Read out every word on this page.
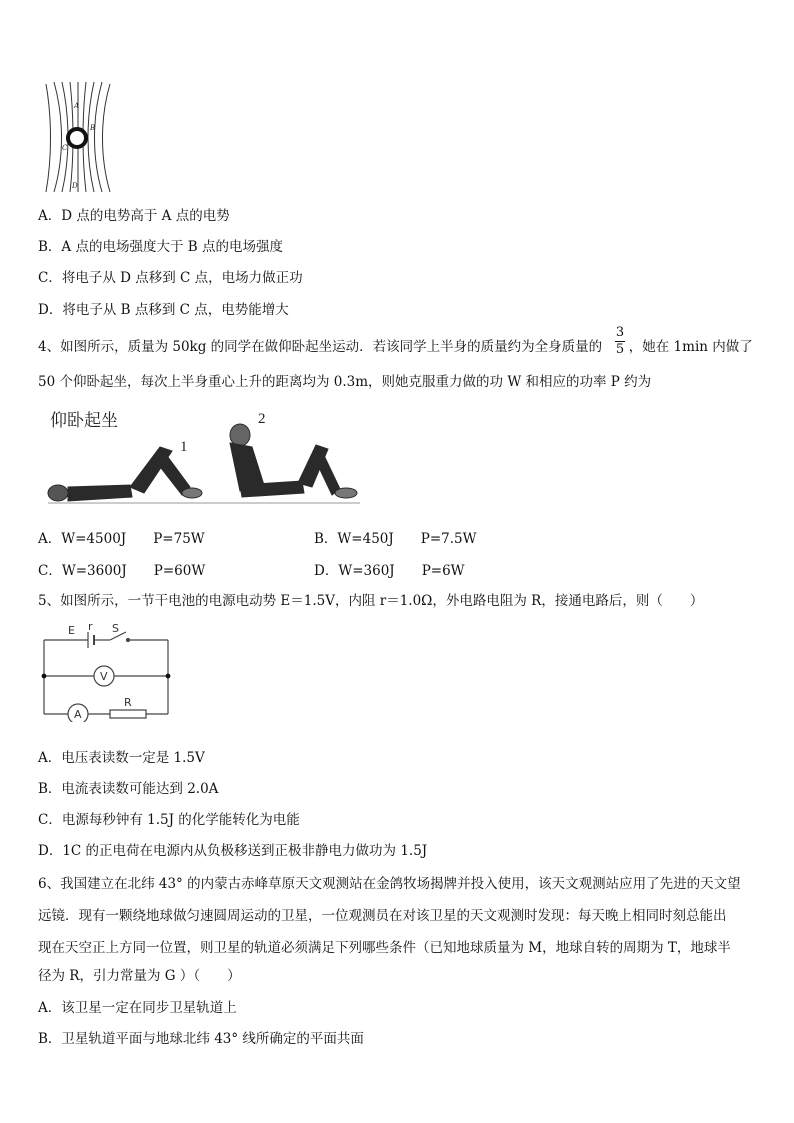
A
B
C
D
A．D 点的电势高于 A 点的电势
B．A 点的电场强度大于 B 点的电场强度
C．将电子从 D 点移到 C 点，电场力做正功
D．将电子从 B 点移到 C 点，电势能增大
4、如图所示，质量为 50kg 的同学在做仰卧起坐运动．若该同学上半身的质量约为全身质量的 ，她在 1min 内做了
3
5
50 个仰卧起坐，每次上半身重心上升的距离均为 0.3m，则她克服重力做的功 W 和相应的功率 P 约为
仰卧起坐
1
2
A．W=4500J　　P=75W	B．W=450J　　P=7.5W
C．W=3600J　　P=60W	D．W=360J　　P=6W
5、如图所示，一节干电池的电源电动势 E＝1.5V，内阻 r＝1.0Ω，外电路电阻为 R，接通电路后，则（　　）
E r S
V
A
R
A．电压表读数一定是 1.5V
B．电流表读数可能达到 2.0A
C．电源每秒钟有 1.5J 的化学能转化为电能
D．1C 的正电荷在电源内从负极移送到正极非静电力做功为 1.5J
6、我国建立在北纬 43° 的内蒙古赤峰草原天文观测站在金鸽牧场揭牌并投入使用，该天文观测站应用了先进的天文望
远镜．现有一颗绕地球做匀速圆周运动的卫星，一位观测员在对该卫星的天文观测时发现：每天晚上相同时刻总能出
现在天空正上方同一位置，则卫星的轨道必须满足下列哪些条件（已知地球质量为 M，地球自转的周期为 T，地球半
径为 R，引力常量为 G ）（　　）
A．该卫星一定在同步卫星轨道上
B．卫星轨道平面与地球北纬 43° 线所确定的平面共面
